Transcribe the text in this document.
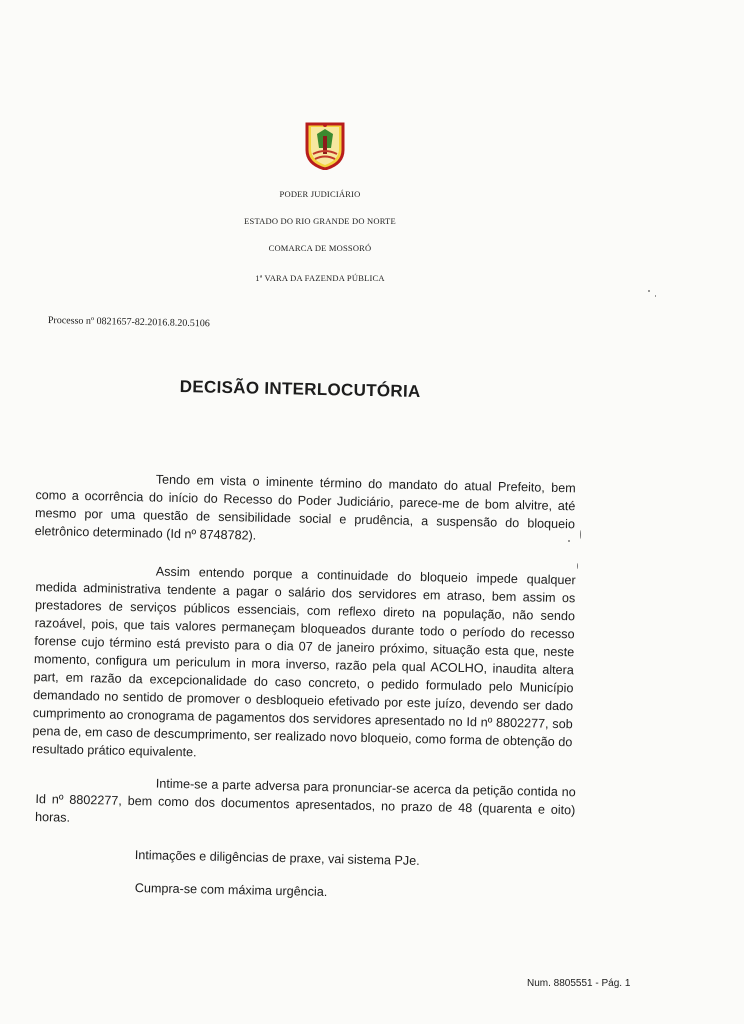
PODER JUDICIÁRIO
ESTADO DO RIO GRANDE DO NORTE
COMARCA DE MOSSORÓ
1ª VARA DA FAZENDA PÚBLICA
Processo nº 0821657-82.2016.8.20.5106
DECISÃO INTERLOCUTÓRIA

Tendo em vista o iminente término do mandato do atual Prefeito, bem como a ocorrência do início do Recesso do Poder Judiciário, parece-me de bom alvitre, até mesmo por uma questão de sensibilidade social e prudência, a suspensão do bloqueio eletrônico determinado (Id nº 8748782).

Assim entendo porque a continuidade do bloqueio impede qualquer medida administrativa tendente a pagar o salário dos servidores em atraso, bem assim os prestadores de serviços públicos essenciais, com reflexo direto na população, não sendo razoável, pois, que tais valores permaneçam bloqueados durante todo o período do recesso forense cujo término está previsto para o dia 07 de janeiro próximo, situação esta que, neste momento, configura um periculum in mora inverso, razão pela qual ACOLHO, inaudita altera part, em razão da excepcionalidade do caso concreto, o pedido formulado pelo Município demandado no sentido de promover o desbloqueio efetivado por este juízo, devendo ser dado cumprimento ao cronograma de pagamentos dos servidores apresentado no Id nº 8802277, sob pena de, em caso de descumprimento, ser realizado novo bloqueio, como forma de obtenção do resultado prático equivalente.

Intime-se a parte adversa para pronunciar-se acerca da petição contida no Id nº 8802277, bem como dos documentos apresentados, no prazo de 48 (quarenta e oito) horas.

Intimações e diligências de praxe, vai sistema PJe.
Cumpra-se com máxima urgência.
Num. 8805551 - Pág. 1
